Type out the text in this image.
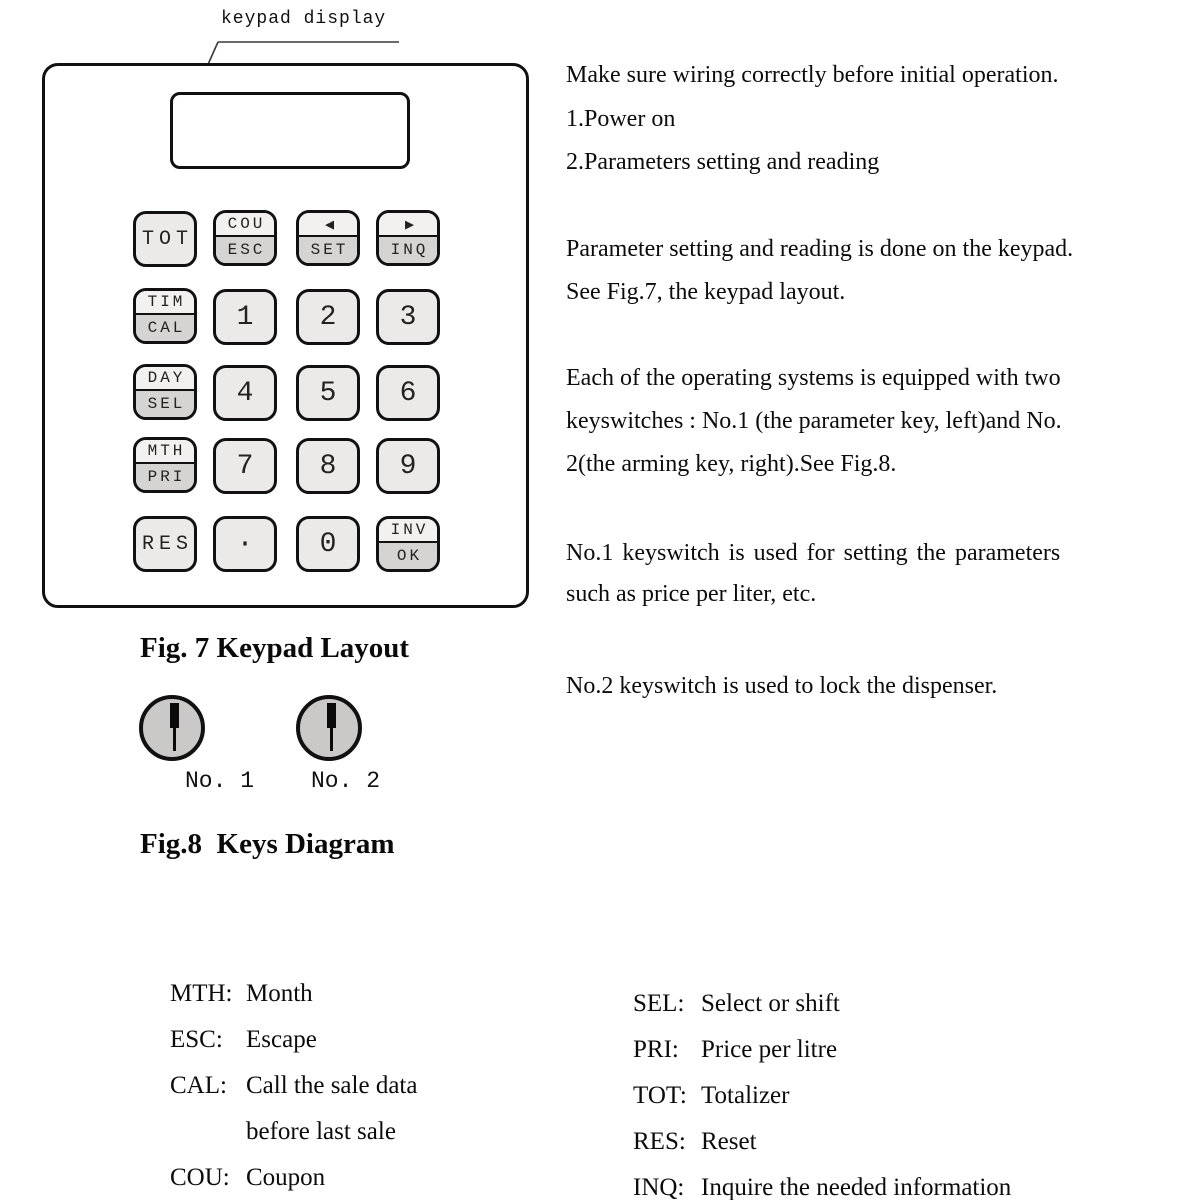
keypad display
TOT
COU
ESC
◀
SET
▶
INQ
TIM
CAL 1 2 3
DAY
SEL 4 5 6
MTH
PRI 7 8 9
RES · 0	INV
OK
Fig. 7 Keypad Layout
No. 1 No. 2
Fig.8  Keys Diagram
Make sure wiring correctly before initial operation.
1.Power on
2.Parameters setting and reading
Parameter setting and reading is done on the keypad.
See Fig.7, the keypad layout.
Each of the operating systems is equipped with two
keyswitches : No.1 (the parameter key, left)and No.
2(the arming key, right).See Fig.8.
No.1 keyswitch is used for setting the parameters
such as price per liter, etc.
No.2 keyswitch is used to lock the dispenser.

MTH: Month

ESC: Escape

CAL: Call the sale data

before last sale

COU: Coupon

SEL: Select or shift

PRI: Price per litre

TOT: Totalizer

RES: Reset

INQ: Inquire the needed information
